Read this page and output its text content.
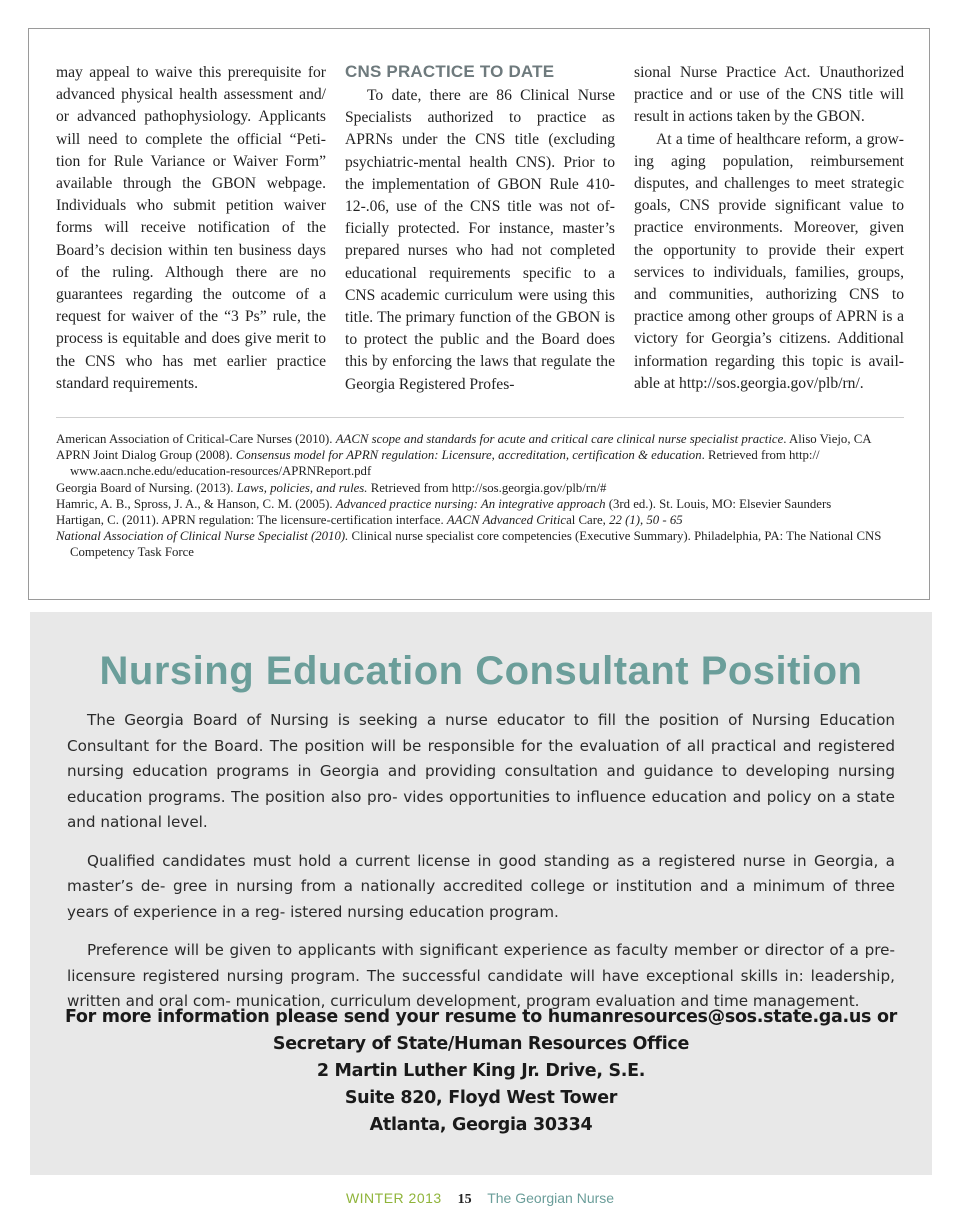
may appeal to waive this prerequisite for advanced physical health assessment and/ or advanced pathophysiology. Applicants will need to complete the official “Peti- tion for Rule Variance or Waiver Form” available through the GBON webpage. Individuals who submit petition waiver forms will receive notification of the Board’s decision within ten business days of the ruling. Although there are no guarantees regarding the outcome of a request for waiver of the “3 Ps” rule, the process is equitable and does give merit to the CNS who has met earlier practice standard requirements.

CNS PRACTICE TO DATE

To date, there are 86 Clinical Nurse Specialists authorized to practice as APRNs under the CNS title (excluding psychiatric-mental health CNS). Prior to the implementation of GBON Rule 410- 12-.06, use of the CNS title was not of- ficially protected. For instance, master’s prepared nurses who had not completed educational requirements specific to a CNS academic curriculum were using this title. The primary function of the GBON is to protect the public and the Board does this by enforcing the laws that regulate the Georgia Registered Profes-

sional Nurse Practice Act. Unauthorized practice and or use of the CNS title will result in actions taken by the GBON.

At a time of healthcare reform, a grow- ing aging population, reimbursement disputes, and challenges to meet strategic goals, CNS provide significant value to practice environments. Moreover, given the opportunity to provide their expert services to individuals, families, groups, and communities, authorizing CNS to practice among other groups of APRN is a victory for Georgia’s citizens. Additional information regarding this topic is avail- able at http://sos.georgia.gov/plb/rn/.

American Association of Critical-Care Nurses (2010). AACN scope and standards for acute and critical care clinical nurse specialist practice. Aliso Viejo, CA

APRN Joint Dialog Group (2008). Consensus model for APRN regulation: Licensure, accreditation, certification & education. Retrieved from http:// www.aacn.nche.edu/education-resources/APRNReport.pdf

Georgia Board of Nursing. (2013). Laws, policies, and rules. Retrieved from http://sos.georgia.gov/plb/rn/#

Hamric, A. B., Spross, J. A., & Hanson, C. M. (2005). Advanced practice nursing: An integrative approach (3rd ed.). St. Louis, MO: Elsevier Saunders

Hartigan, C. (2011). APRN regulation: The licensure-certification interface. AACN Advanced Critical Care, 22 (1), 50 - 65

National Association of Clinical Nurse Specialist (2010). Clinical nurse specialist core competencies (Executive Summary). Philadelphia, PA: The National CNS Competency Task Force

Nursing Education Consultant Position

The Georgia Board of Nursing is seeking a nurse educator to fill the position of Nursing Education Consultant for the Board. The position will be responsible for the evaluation of all practical and registered nursing education programs in Georgia and providing consultation and guidance to developing nursing education programs. The position also pro- vides opportunities to influence education and policy on a state and national level.

Qualified candidates must hold a current license in good standing as a registered nurse in Georgia, a master’s de- gree in nursing from a nationally accredited college or institution and a minimum of three years of experience in a reg- istered nursing education program.

Preference will be given to applicants with significant experience as faculty member or director of a pre-licensure registered nursing program. The successful candidate will have exceptional skills in: leadership, written and oral com- munication, curriculum development, program evaluation and time management.

For more information please send your resume to humanresources@sos.state.ga.us or
Secretary of State/Human Resources Office
2 Martin Luther King Jr. Drive, S.E.
Suite 820, Floyd West Tower
Atlanta, Georgia 30334
WINTER 2013 15 The Georgian Nurse
